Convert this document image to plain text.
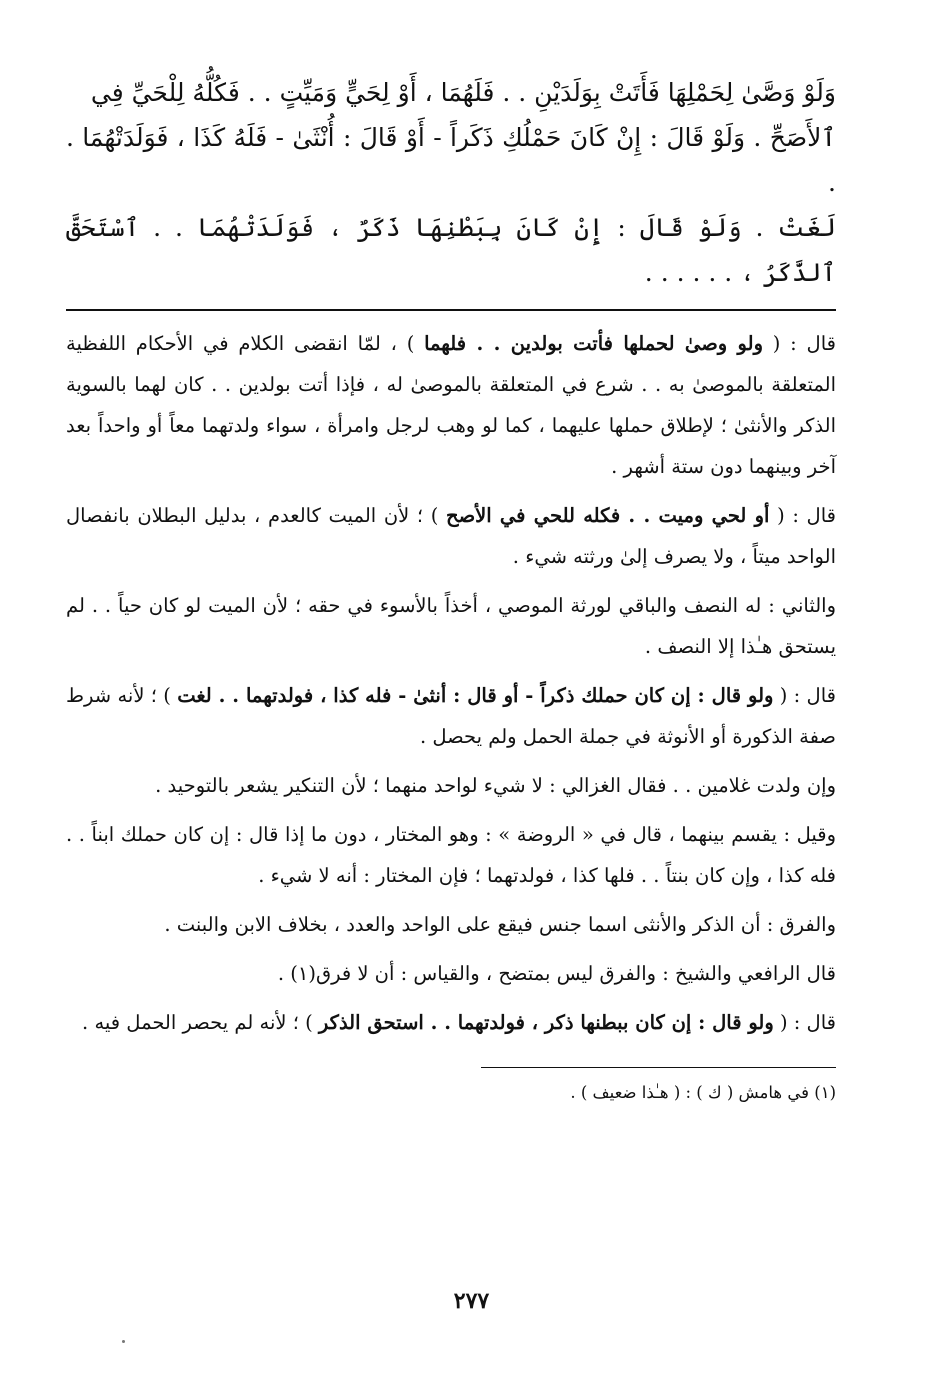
وَلَوْ وَصَّىٰ لِحَمْلِهَا فَأَتَتْ بِوَلَدَيْنِ . . فَلَهُمَا ، أَوْ لِحَيٍّ وَمَيِّتٍ . . فَكُلُّهُ لِلْحَيِّ فِي

ٱلأَصَحِّ . وَلَوْ قَالَ : إِنْ كَانَ حَمْلُكِ ذَكَراً - أَوْ قَالَ : أُنْثَىٰ - فَلَهُ كَذَا ، فَوَلَدَتْهُمَا . .

لَغَتْ . وَلَوْ قَالَ : إِنْ كَانَ بِبَطْنِهَا ذَكَرٌ ، فَوَلَدَتْهُمَا . . ٱسْتَحَقَّ ٱلذَّكَرُ ، . . . . . .

قال : ( ولو وصىٰ لحملها فأتت بولدين . . فلهما ) ، لمّا انقضى الكلام في الأحكام اللفظية المتعلقة بالموصىٰ به . . شرع في المتعلقة بالموصىٰ له ، فإذا أتت بولدين . . كان لهما بالسوية الذكر والأنثىٰ ؛ لإطلاق حملها عليهما ، كما لو وهب لرجل وامرأة ، سواء ولدتهما معاً أو واحداً بعد آخر وبينهما دون ستة أشهر .

قال : ( أو لحي وميت . . فكله للحي في الأصح ) ؛ لأن الميت كالعدم ، بدليل البطلان بانفصال الواحد ميتاً ، ولا يصرف إلىٰ ورثته شيء .

والثاني : له النصف والباقي لورثة الموصي ، أخذاً بالأسوء في حقه ؛ لأن الميت لو كان حياً . . لم يستحق هـٰذا إلا النصف .

قال : ( ولو قال : إن كان حملك ذكراً - أو قال : أنثىٰ - فله كذا ، فولدتهما . . لغت ) ؛ لأنه شرط صفة الذكورة أو الأنوثة في جملة الحمل ولم يحصل .

وإن ولدت غلامين . . فقال الغزالي : لا شيء لواحد منهما ؛ لأن التنكير يشعر بالتوحيد .

وقيل : يقسم بينهما ، قال في « الروضة » : وهو المختار ، دون ما إذا قال : إن كان حملك ابناً . . فله كذا ، وإن كان بنتاً . . فلها كذا ، فولدتهما ؛ فإن المختار : أنه لا شيء .

والفرق : أن الذكر والأنثى اسما جنس فيقع على الواحد والعدد ، بخلاف الابن والبنت .

قال الرافعي والشيخ : والفرق ليس بمتضح ، والقياس : أن لا فرق(١) .

قال : ( ولو قال : إن كان ببطنها ذكر ، فولدتهما . . استحق الذكر ) ؛ لأنه لم يحصر الحمل فيه .

(١) في هامش ( ك ) : ( هـٰذا ضعيف ) .

٢٧٧
